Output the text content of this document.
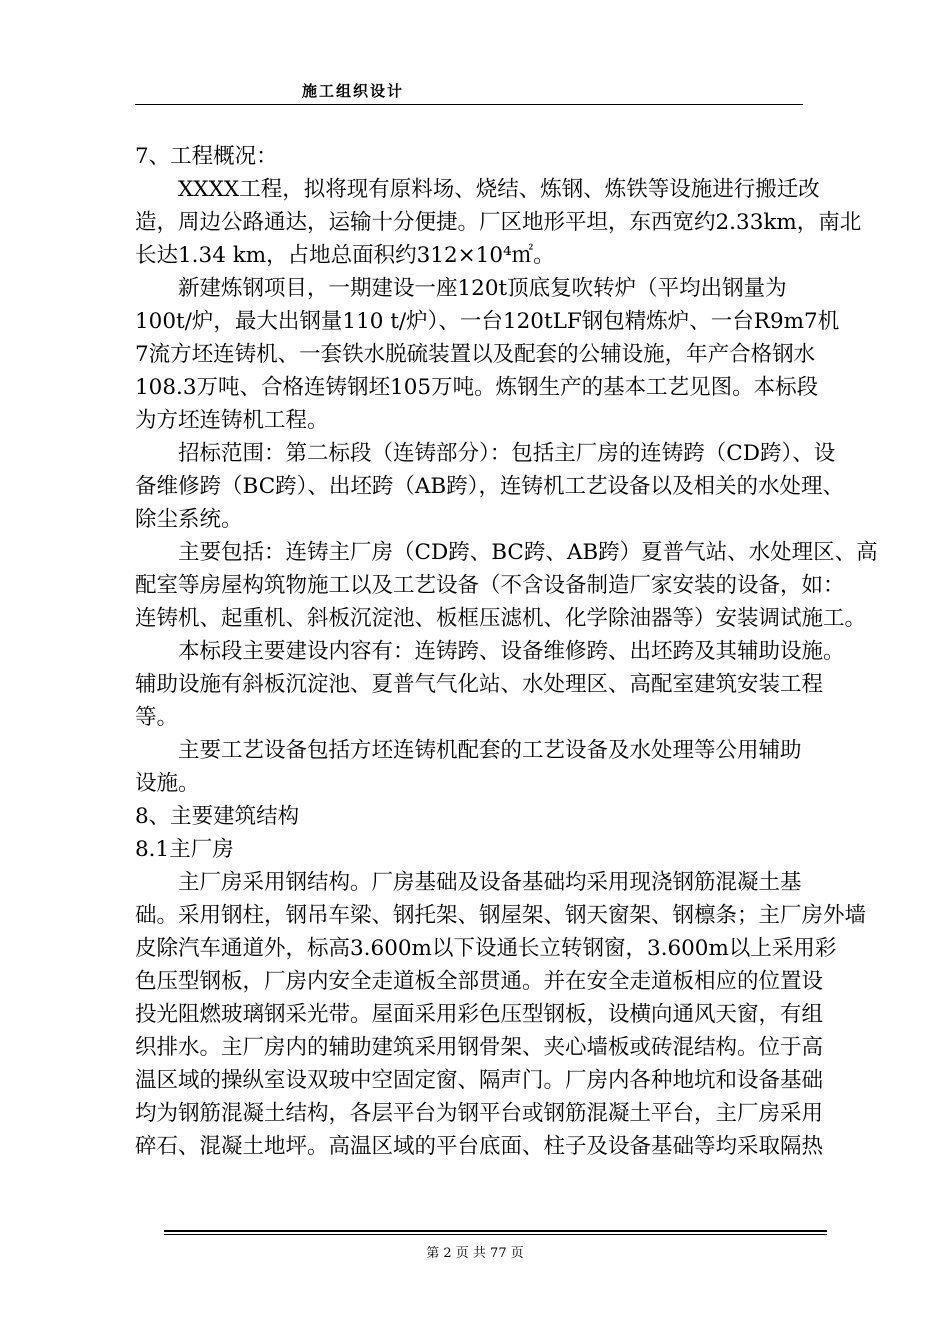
施工组织设计
7、工程概况：
XXXX工程，拟将现有原料场、烧结、炼钢、炼铁等设施进行搬迁改
造，周边公路通达，运输十分便捷。厂区地形平坦，东西宽约2.33km，南北
长达1.34 km，占地总面积约312×10⁴㎡。
新建炼钢项目，一期建设一座120t顶底复吹转炉（平均出钢量为
100t/炉，最大出钢量110 t/炉）、一台120tLF钢包精炼炉、一台R9m7机
7流方坯连铸机、一套铁水脱硫装置以及配套的公辅设施，年产合格钢水
108.3万吨、合格连铸钢坯105万吨。炼钢生产的基本工艺见图。本标段
为方坯连铸机工程。
招标范围：第二标段（连铸部分）：包括主厂房的连铸跨（CD跨）、设
备维修跨（BC跨）、出坯跨（AB跨），连铸机工艺设备以及相关的水处理、
除尘系统。
主要包括：连铸主厂房（CD跨、BC跨、AB跨）夏普气站、水处理区、高
配室等房屋构筑物施工以及工艺设备（不含设备制造厂家安装的设备，如：
连铸机、起重机、斜板沉淀池、板框压滤机、化学除油器等）安装调试施工。
本标段主要建设内容有：连铸跨、设备维修跨、出坯跨及其辅助设施。
辅助设施有斜板沉淀池、夏普气气化站、水处理区、高配室建筑安装工程
等。
主要工艺设备包括方坯连铸机配套的工艺设备及水处理等公用辅助
设施。
8、主要建筑结构
8.1主厂房
主厂房采用钢结构。厂房基础及设备基础均采用现浇钢筋混凝土基
础。采用钢柱，钢吊车梁、钢托架、钢屋架、钢天窗架、钢檩条；主厂房外墙
皮除汽车通道外，标高3.600m以下设通长立转钢窗，3.600m以上采用彩
色压型钢板，厂房内安全走道板全部贯通。并在安全走道板相应的位置设
投光阻燃玻璃钢采光带。屋面采用彩色压型钢板，设横向通风天窗，有组
织排水。主厂房内的辅助建筑采用钢骨架、夹心墙板或砖混结构。位于高
温区域的操纵室设双玻中空固定窗、隔声门。厂房内各种地坑和设备基础
均为钢筋混凝土结构，各层平台为钢平台或钢筋混凝土平台，主厂房采用
碎石、混凝土地坪。高温区域的平台底面、柱子及设备基础等均采取隔热
第 2 页 共 77 页
